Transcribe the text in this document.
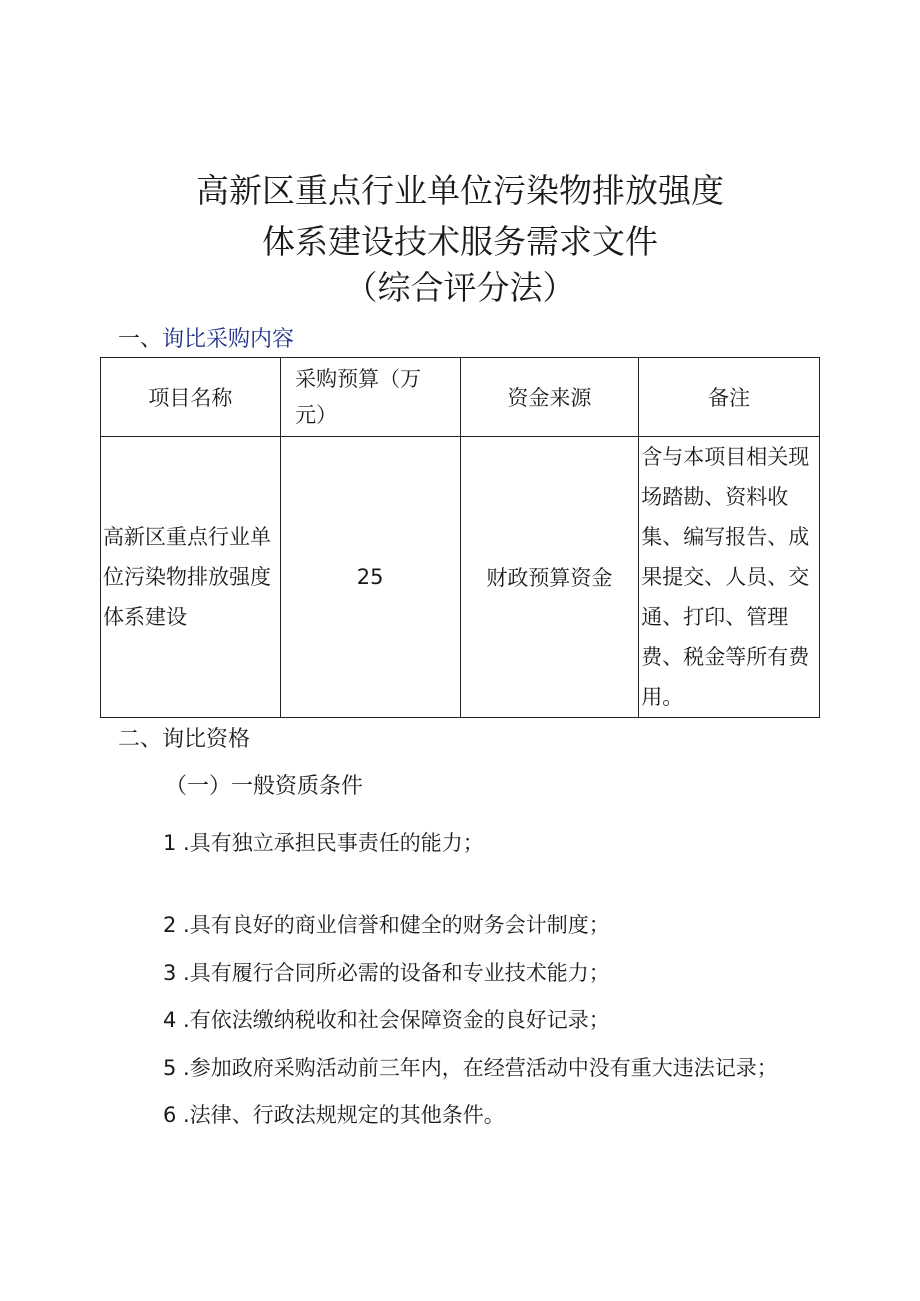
高新区重点行业单位污染物排放强度
体系建设技术服务需求文件
（综合评分法）
一、询比采购内容
项目名称	采购预算（万元）	资金来源	备注
高新区重点行业单位污染物排放强度体系建设	25	财政预算资金	含与本项目相关现场踏勘、资料收集、编写报告、成果提交、人员、交通、打印、管理费、税金等所有费用。
二、询比资格
（一）一般资质条件
1 .具有独立承担民事责任的能力；
2 .具有良好的商业信誉和健全的财务会计制度；
3 .具有履行合同所必需的设备和专业技术能力；
4 .有依法缴纳税收和社会保障资金的良好记录；
5 .参加政府采购活动前三年内，在经营活动中没有重大违法记录；
6 .法律、行政法规规定的其他条件。
